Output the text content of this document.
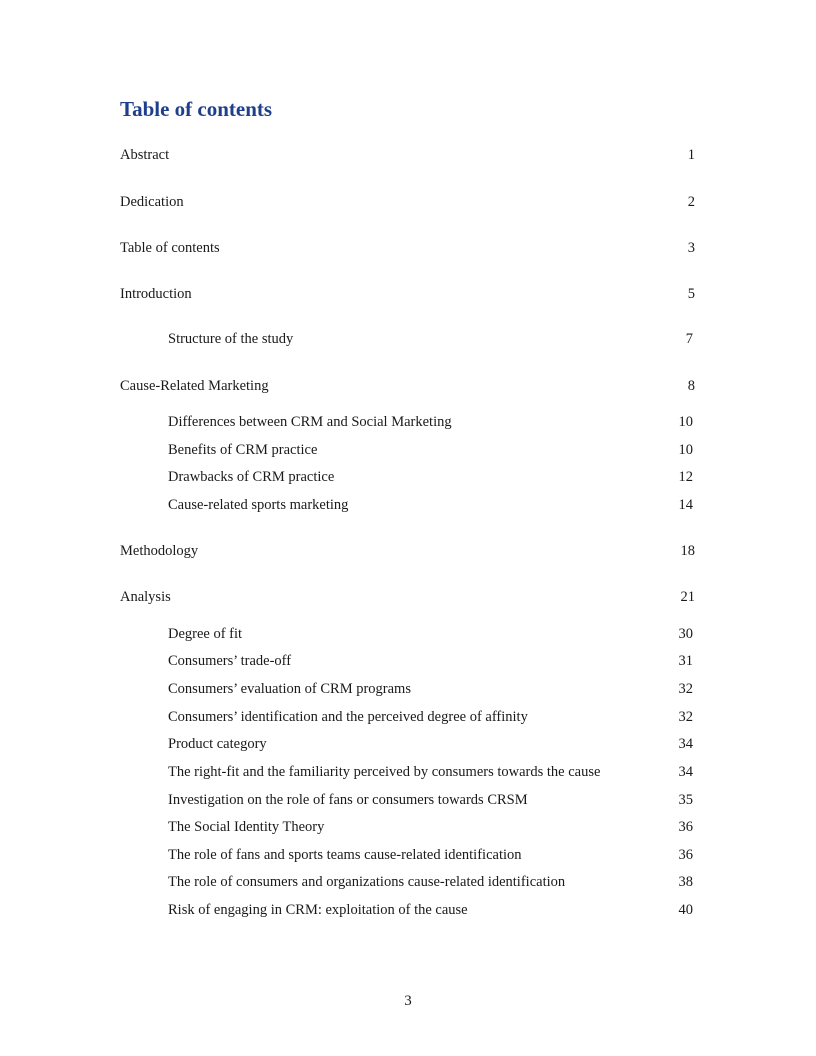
Table of contents
Abstract	1
Dedication	2
Table of contents	3
Introduction	5
Structure of the study	7
Cause-Related Marketing	8
Differences between CRM and Social Marketing	10
Benefits of CRM practice	10
Drawbacks of CRM practice	12
Cause-related sports marketing	14
Methodology	18
Analysis	21
Degree of fit	30
Consumers’ trade-off	31
Consumers’ evaluation of CRM programs	32
Consumers’ identification and the perceived degree of affinity	32
Product category	34
The right-fit and the familiarity perceived by consumers towards the cause	34
Investigation on the role of fans or consumers towards CRSM	35
The Social Identity Theory	36
The role of fans and sports teams cause-related identification	36
The role of consumers and organizations cause-related identification	38
Risk of engaging in CRM: exploitation of the cause	40
3
